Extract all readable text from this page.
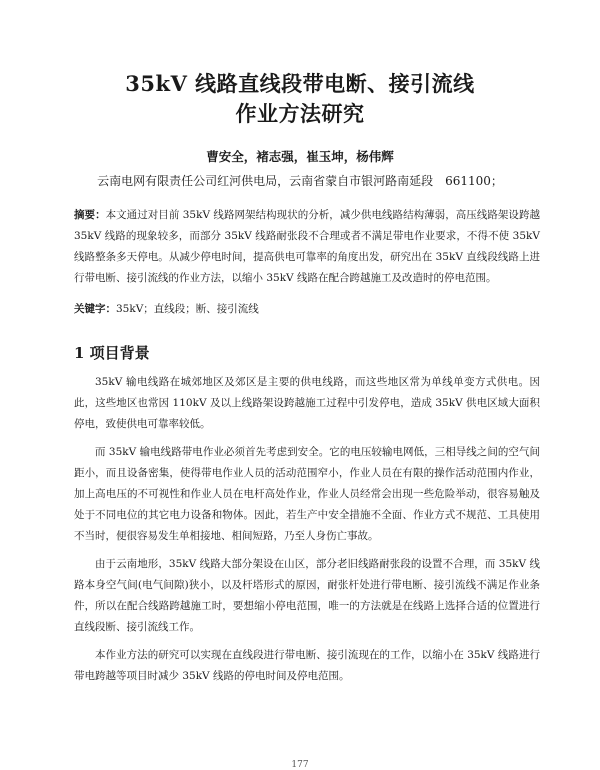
35kV 线路直线段带电断、接引流线
作业方法研究
曹安全，褚志强，崔玉坤，杨伟辉
云南电网有限责任公司红河供电局，云南省蒙自市银河路南延段　661100；
摘要：本文通过对目前 35kV 线路网架结构现状的分析，减少供电线路结构薄弱，高压线路架设跨越 35kV 线路的现象较多，而部分 35kV 线路耐张段不合理或者不满足带电作业要求，不得不使 35kV 线路整条多天停电。从减少停电时间，提高供电可靠率的角度出发，研究出在 35kV 直线段线路上进行带电断、接引流线的作业方法，以缩小 35kV 线路在配合跨越施工及改造时的停电范围。
关键字：35kV；直线段；断、接引流线
1 项目背景

35kV 输电线路在城郊地区及郊区是主要的供电线路，而这些地区常为单线单变方式供电。因此，这些地区也常因 110kV 及以上线路架设跨越施工过程中引发停电，造成 35kV 供电区域大面积停电，致使供电可靠率较低。

而 35kV 输电线路带电作业必须首先考虑到安全。它的电压较输电网低，三相导线之间的空气间距小，而且设备密集，使得带电作业人员的活动范围窄小，作业人员在有限的操作活动范围内作业，加上高电压的不可视性和作业人员在电杆高处作业，作业人员经常会出现一些危险举动，很容易触及处于不同电位的其它电力设备和物体。因此，若生产中安全措施不全面、作业方式不规范、工具使用不当时，便很容易发生单相接地、相间短路，乃至人身伤亡事故。

由于云南地形，35kV 线路大部分架设在山区，部分老旧线路耐张段的设置不合理，而 35kV 线路本身空气间(电气间隙)狭小，以及杆塔形式的原因，耐张杆处进行带电断、接引流线不满足作业条件，所以在配合线路跨越施工时，要想缩小停电范围，唯一的方法就是在线路上选择合适的位置进行直线段断、接引流线工作。

本作业方法的研究可以实现在直线段进行带电断、接引流现在的工作，以缩小在 35kV 线路进行带电跨越等项目时减少 35kV 线路的停电时间及停电范围。

177
